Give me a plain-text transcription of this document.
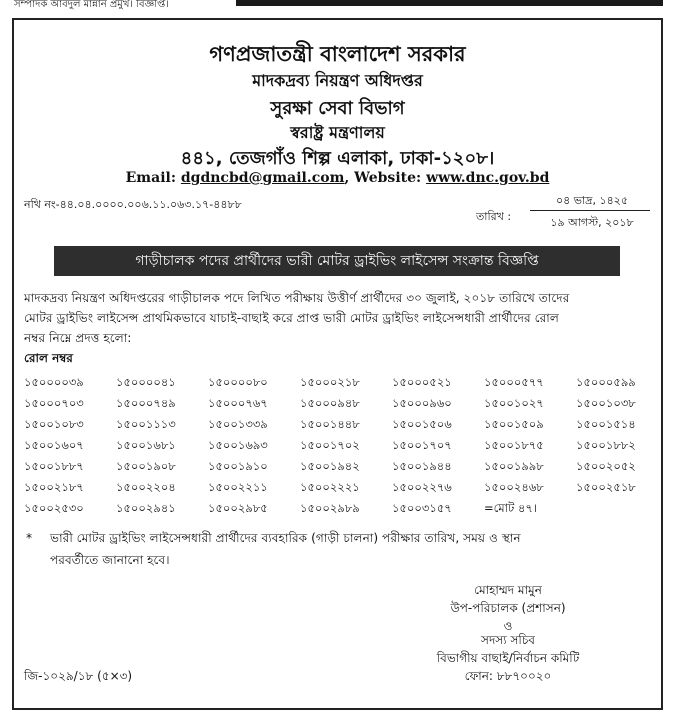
সম্পাদক আবদুল মান্নান প্রমুখ। বিজ্ঞপ্তি।
গণপ্রজাতন্ত্রী বাংলাদেশ সরকার
মাদকদ্রব্য নিয়ন্ত্রণ অধিদপ্তর
সুরক্ষা সেবা বিভাগ
স্বরাষ্ট্র মন্ত্রণালয়
৪৪১, তেজগাঁও শিল্প এলাকা, ঢাকা-১২০৮।
Email: dgdncbd@gmail.com, Website: www.dnc.gov.bd
নথি নং-৪৪.০৪.০০০০.০০৬.১১.০৬৩.১৭-৪৪৮৮
তারিখ :
০৪ ভাদ্র, ১৪২৫
১৯ আগস্ট, ২০১৮
গাড়ীচালক পদের প্রার্থীদের ভারী মোটর ড্রাইভিং লাইসেন্স সংক্রান্ত বিজ্ঞপ্তি
মাদকদ্রব্য নিয়ন্ত্রণ অধিদপ্তরের গাড়ীচালক পদে লিখিত পরীক্ষায় উত্তীর্ণ প্রার্থীদের ৩০ জুলাই, ২০১৮ তারিখে তাদের
মোটর ড্রাইভিং লাইসেন্স প্রাথমিকভাবে যাচাই-বাছাই করে প্রাপ্ত ভারী মোটর ড্রাইভিং লাইসেন্সধারী প্রার্থীদের রোল
নম্বর নিম্নে প্রদত্ত হলো:
রোল নম্বর
১৫০০০০৩৯	১৫০০০০৪১	১৫০০০০৮০	১৫০০০২১৮	১৫০০০৫২১	১৫০০০৫৭৭	১৫০০০৫৯৯
১৫০০০৭০৩	১৫০০০৭৪৯	১৫০০০৭৬৭	১৫০০০৯৪৮	১৫০০০৯৬০	১৫০০১০২৭	১৫০০১০৩৮
১৫০০১০৮৩	১৫০০১১১৩	১৫০০১৩৩৯	১৫০০১৪৪৮	১৫০০১৫০৬	১৫০০১৫০৯	১৫০০১৫১৪
১৫০০১৬০৭	১৫০০১৬৮১	১৫০০১৬৯৩	১৫০০১৭০২	১৫০০১৭০৭	১৫০০১৮৭৫	১৫০০১৮৮২
১৫০০১৮৮৭	১৫০০১৯০৮	১৫০০১৯১০	১৫০০১৯৪২	১৫০০১৯৪৪	১৫০০১৯৯৮	১৫০০২০৫২
১৫০০২১৮৭	১৫০০২২০৪	১৫০০২২১১	১৫০০২২২১	১৫০০২২৭৬	১৫০০২৪৬৮	১৫০০২৫১৮
১৫০০২৫৩০	১৫০০২৯৪১	১৫০০২৯৮৫	১৫০০২৯৮৯	১৫০০৩১৫৭	=মোট ৪৭।
* ভারী মোটর ড্রাইভিং লাইসেন্সধারী প্রার্থীদের ব্যবহারিক (গাড়ী চালনা) পরীক্ষার তারিখ, সময় ও স্থান
পরবর্তীতে জানানো হবে।
মোহাম্মদ মামুন
উপ-পরিচালক (প্রশাসন)
ও
সদস্য সচিব
বিভাগীয় বাছাই/নির্বাচন কমিটি
ফোন: ৮৮৭০০২০
জি-১০২৯/১৮ (৫×৩)
